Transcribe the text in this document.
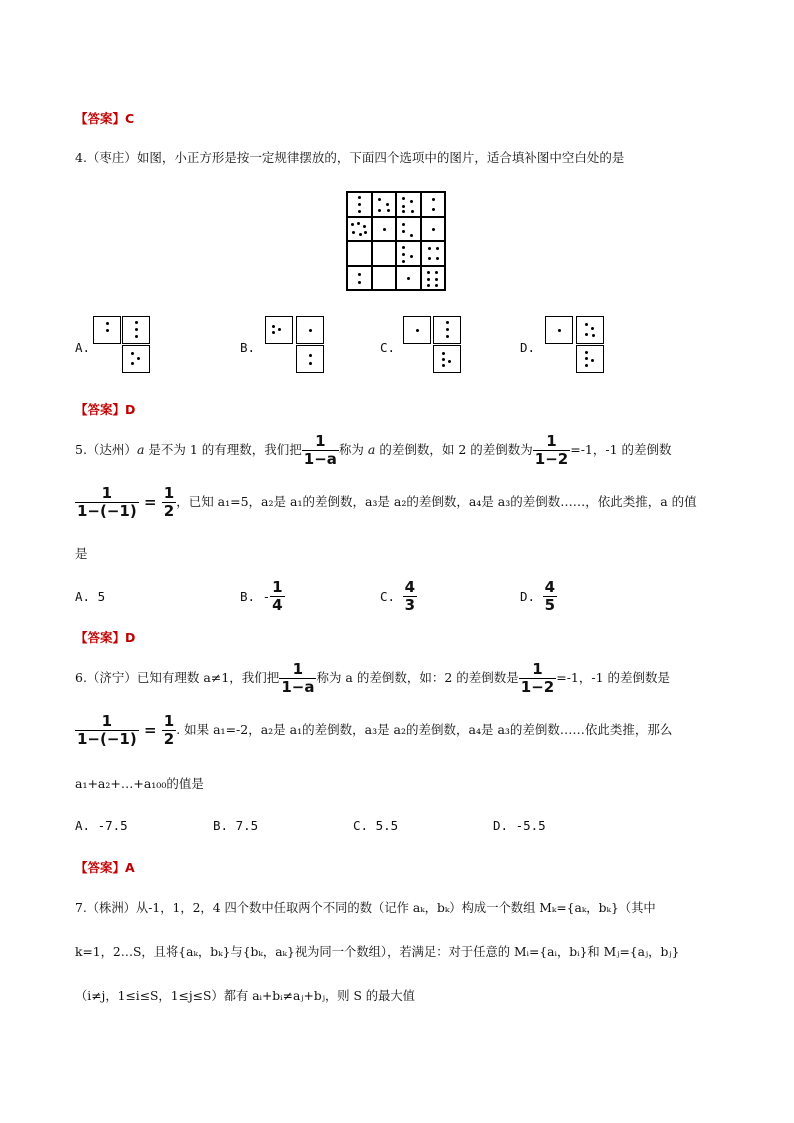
【答案】C
4.（枣庄）如图，小正方形是按一定规律摆放的，下面四个选项中的图片，适合填补图中空白处的是
A.	B.	C.	D.
【答案】D
5.（达州） a
是不为 1 的有理数，我们把 $\frac{1}{1-a}$ 称为
a
的差倒数，如 2 的差倒数为 $\frac{1}{1-2} =-1$，-1 的差倒数
$\frac{1}{1-(-1)} = \frac{1}{2}$ ，已知 a₁=5，a₂是 a₁的差倒数，a₃是 a₂的差倒数，a₄是 a₃的差倒数……，依此类推，a 的值
是
A. 5	B. - $\frac{1}{4}$	C.
$\frac{4}{3}$	D.
$\frac{4}{5}$
【答案】D
6.（济宁）已知有理数
a≠1，我们把 $\frac{1}{1-a}$ 称为 a 的差倒数，如：2 的差倒数是 $\frac{1}{1-2} =-1$，-1 的差倒数是
$\frac{1}{1-(-1)} = \frac{1}{2}$ . 如果 a₁=-2，a₂是 a₁的差倒数，a₃是 a₂的差倒数，a₄是 a₃的差倒数……依此类推，那么
a₁+a₂+…+a₁₀₀的值是
A. -7.5	B. 7.5	C. 5.5	D. -5.5
【答案】A
7.（株洲）从-1，1，2，4 四个数中任取两个不同的数（记作 aₖ，bₖ）构成一个数组 Mₖ={aₖ，bₖ}（其中
k=1，2…S，且将{aₖ，bₖ}与{bₖ，aₖ}视为同一个数组），若满足：对于任意的 Mᵢ={aᵢ，bᵢ}和 Mⱼ={aⱼ，bⱼ}
（i≠j，1≤i≤S，1≤j≤S）都有 aᵢ+bᵢ≠aⱼ+bⱼ，则 S 的最大值
